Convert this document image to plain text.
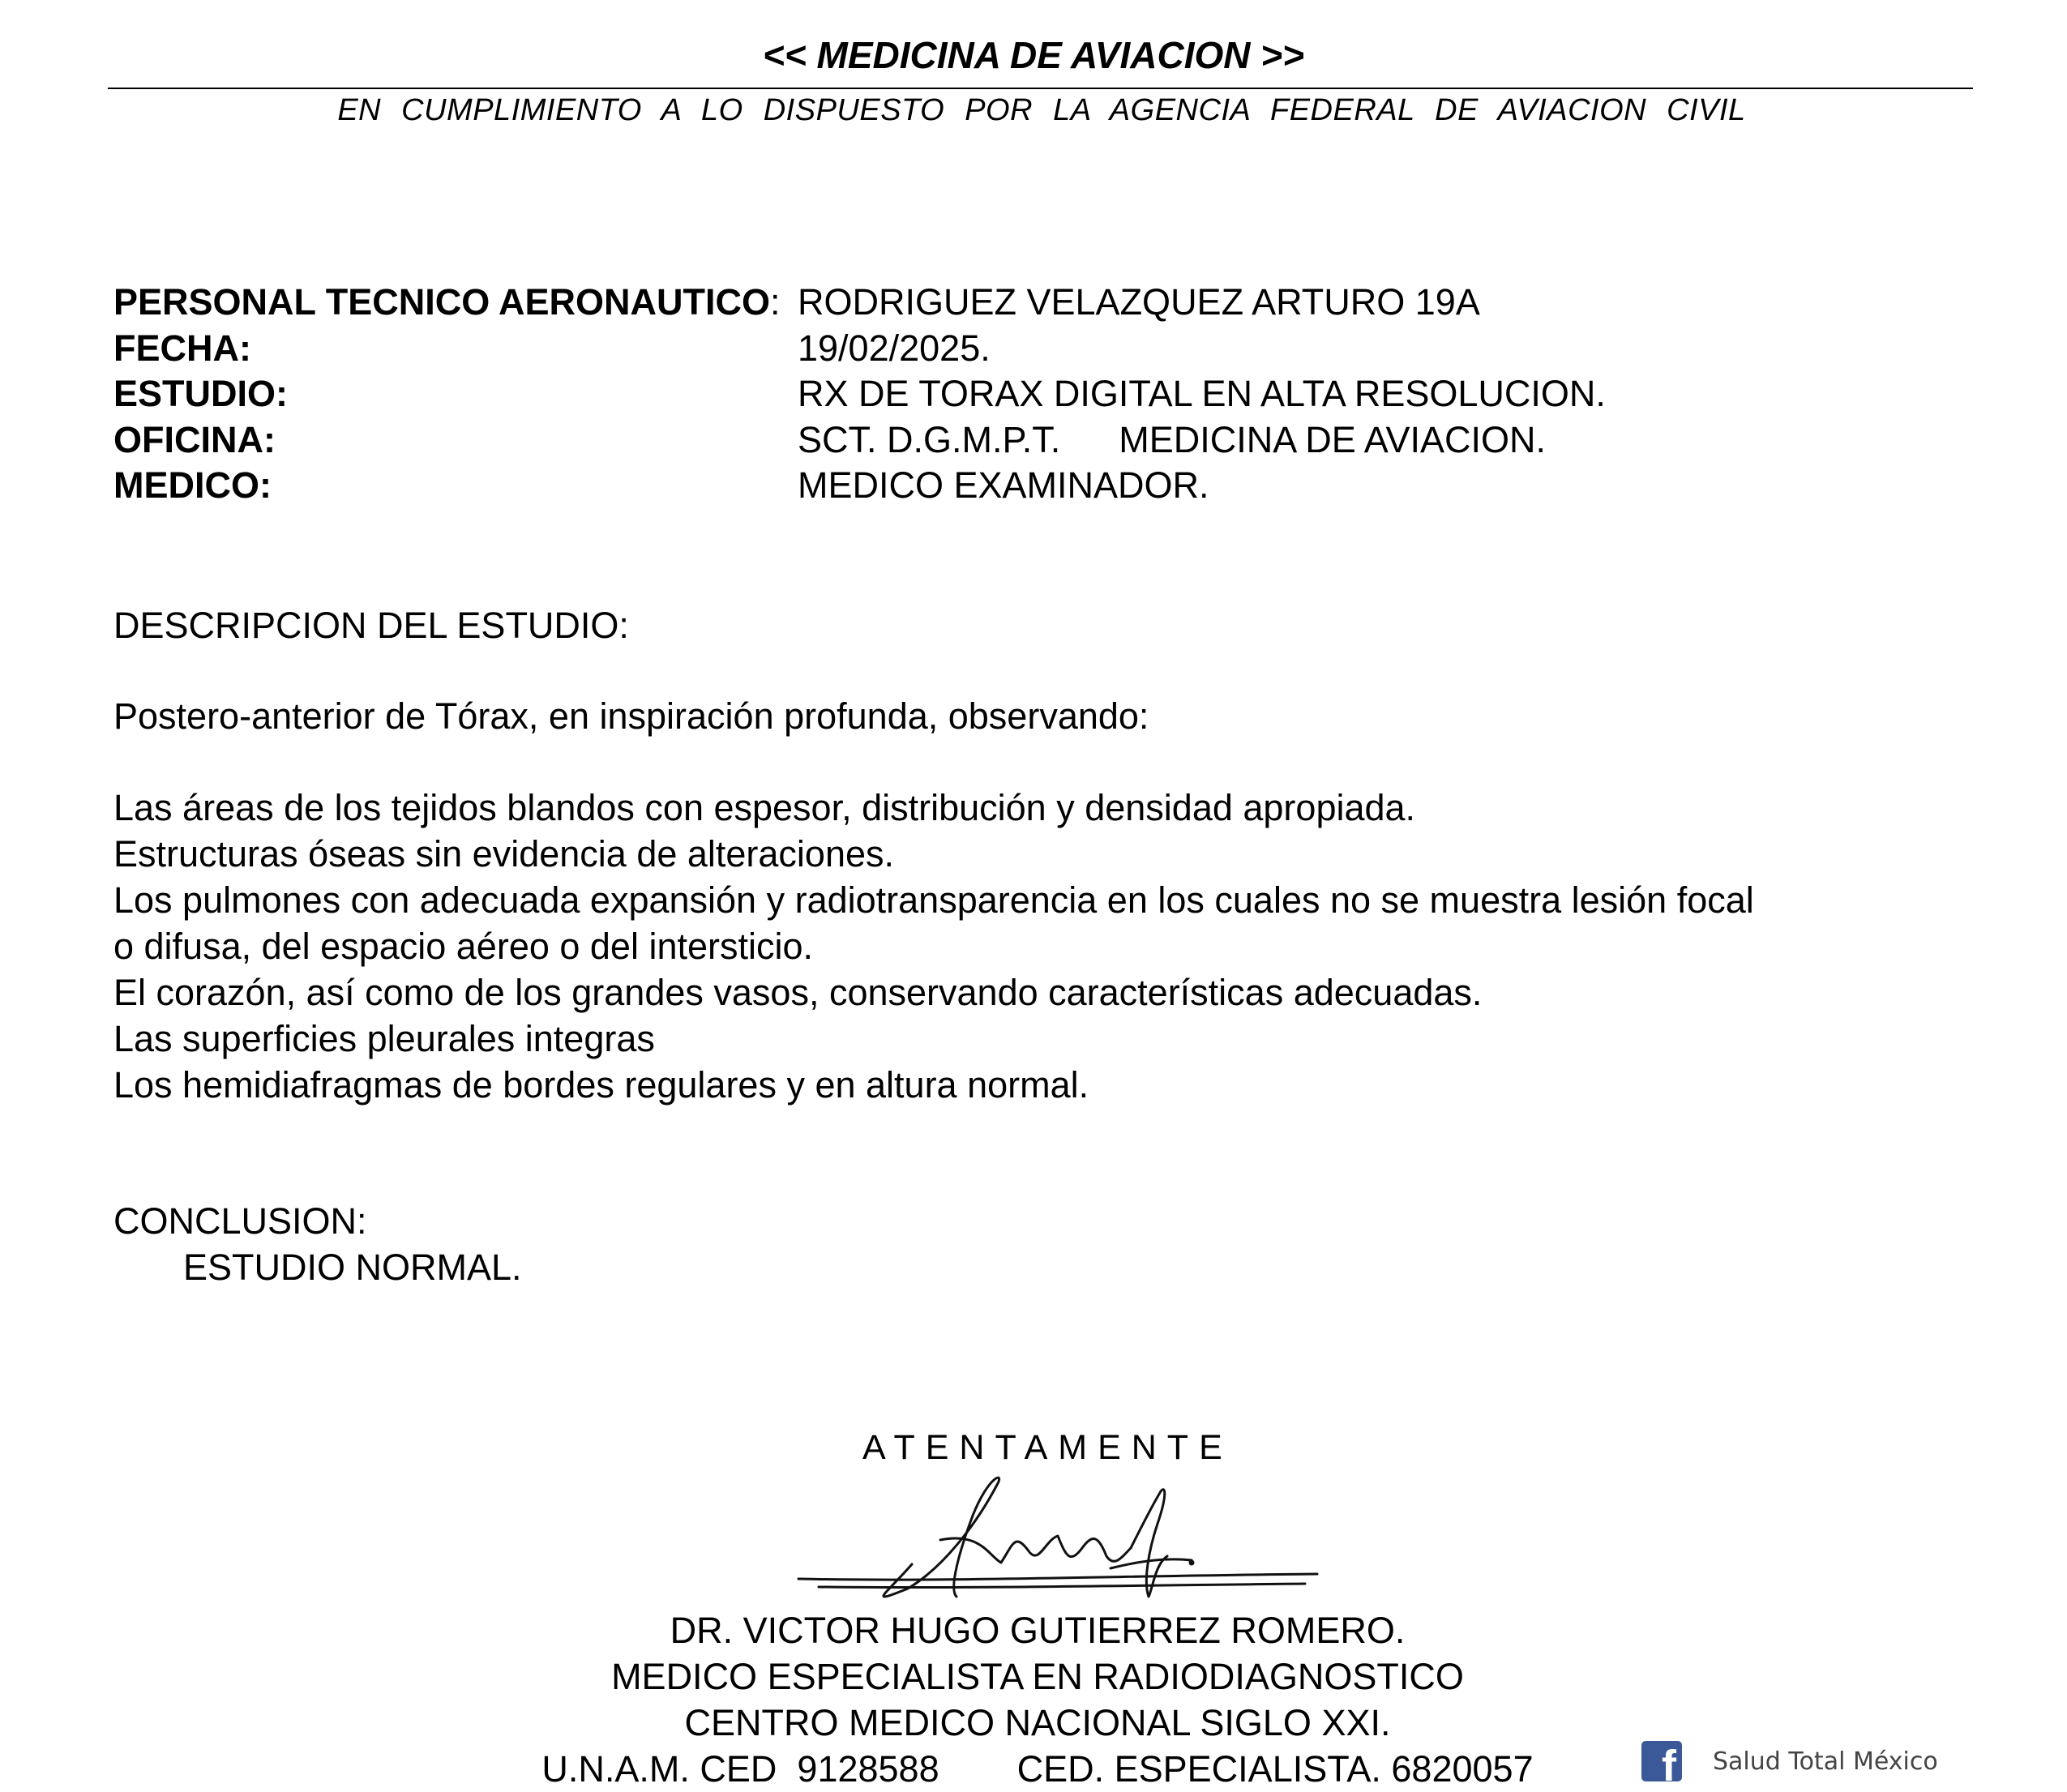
<< MEDICINA DE AVIACION >>
EN CUMPLIMIENTO A LO DISPUESTO POR LA AGENCIA FEDERAL DE AVIACION CIVIL
PERSONAL TECNICO AERONAUTICO: RODRIGUEZ VELAZQUEZ ARTURO 19A
FECHA:	19/02/2025.
ESTUDIO:	RX DE TORAX DIGITAL EN ALTA RESOLUCION.
OFICINA:	SCT. D.G.M.P.T. MEDICINA DE AVIACION.
MEDICO:	MEDICO EXAMINADOR.
DESCRIPCION DEL ESTUDIO:
Postero-anterior de Tórax, en inspiración profunda, observando:
Las áreas de los tejidos blandos con espesor, distribución y densidad apropiada.
Estructuras óseas sin evidencia de alteraciones.
Los pulmones con adecuada expansión y radiotransparencia en los cuales no se muestra lesión focal
o difusa, del espacio aéreo o del intersticio.
El corazón, así como de los grandes vasos, conservando características adecuadas.
Las superficies pleurales integras
Los hemidiafragmas de bordes regulares y en altura normal.
CONCLUSION:
ESTUDIO NORMAL.
ATENTAMENTE
DR. VICTOR HUGO GUTIERREZ ROMERO.
MEDICO ESPECIALISTA EN RADIODIAGNOSTICO
CENTRO MEDICO NACIONAL SIGLO XXI.
U.N.A.M. CED  9128588 CED. ESPECIALISTA. 6820057	f Salud Total México
